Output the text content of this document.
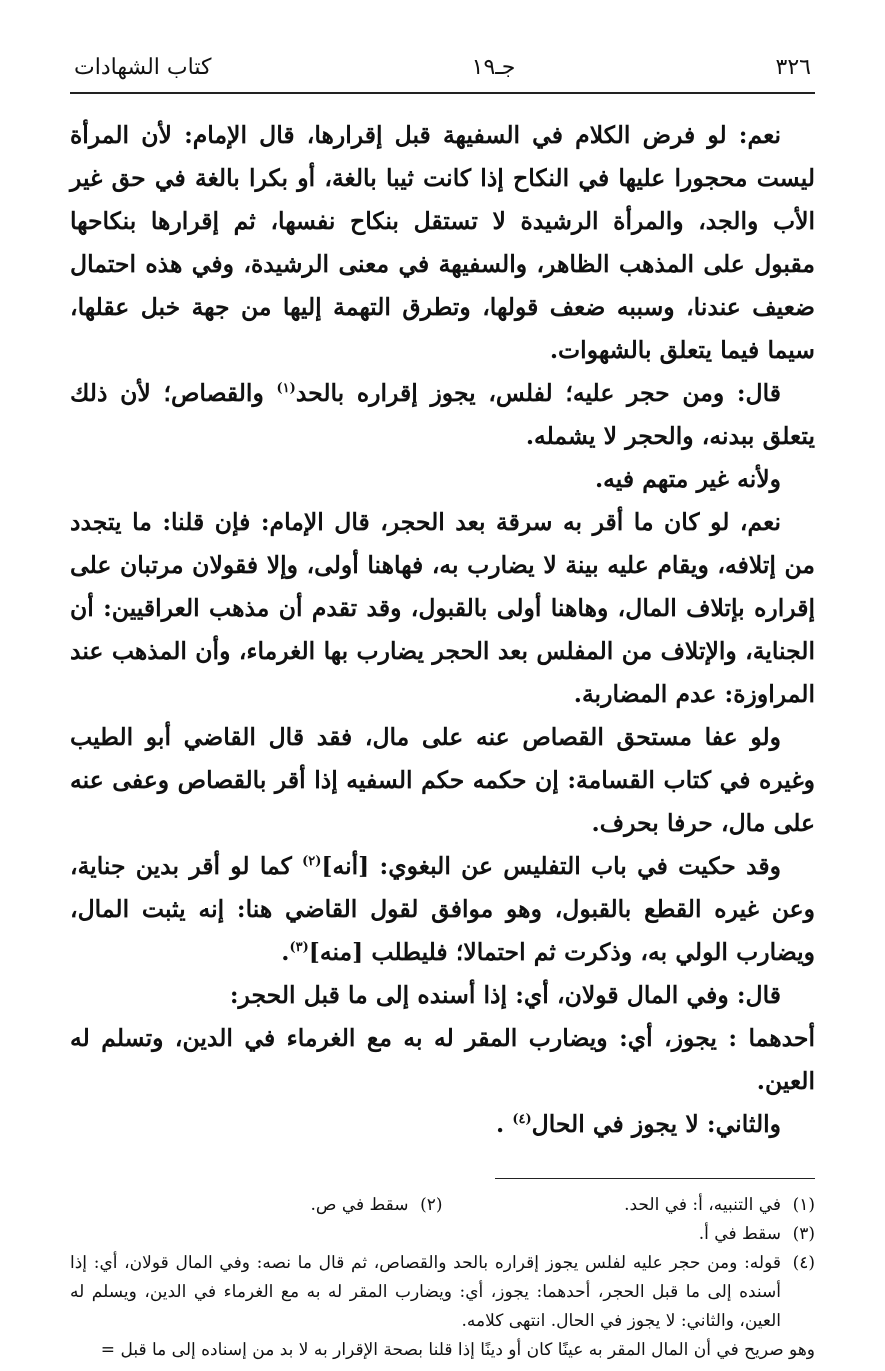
٣٢٦
جـ١٩
كتاب الشهادات

نعم: لو فرض الكلام في السفيهة قبل إقرارها، قال الإمام: لأن المرأة ليست محجورا عليها في النكاح إذا كانت ثيبا بالغة، أو بكرا بالغة في حق غير الأب والجد، والمرأة الرشيدة لا تستقل بنكاح نفسها، ثم إقرارها بنكاحها مقبول على المذهب الظاهر، والسفيهة في معنى الرشيدة، وفي هذه احتمال ضعيف عندنا، وسببه ضعف قولها، وتطرق التهمة إليها من جهة خبل عقلها، سيما فيما يتعلق بالشهوات.

قال: ومن حجر عليه؛ لفلس، يجوز إقراره بالحد$^{(١)}$ والقصاص؛ لأن ذلك يتعلق ببدنه، والحجر لا يشمله.

ولأنه غير متهم فيه.

نعم، لو كان ما أقر به سرقة بعد الحجر، قال الإمام: فإن قلنا: ما يتجدد من إتلافه، ويقام عليه بينة لا يضارب به، فهاهنا أولى، وإلا فقولان مرتبان على إقراره بإتلاف المال، وهاهنا أولى بالقبول، وقد تقدم أن مذهب العراقيين: أن الجناية، والإتلاف من المفلس بعد الحجر يضارب بها الغرماء، وأن المذهب عند المراوزة: عدم المضاربة.

ولو عفا مستحق القصاص عنه على مال، فقد قال القاضي أبو الطيب وغيره في كتاب القسامة: إن حكمه حكم السفيه إذا أقر بالقصاص وعفى عنه على مال، حرفا بحرف.

وقد حكيت في باب التفليس عن البغوي: [أنه]$^{(٢)}$ كما لو أقر بدين جناية، وعن غيره القطع بالقبول، وهو موافق لقول القاضي هنا: إنه يثبت المال، ويضارب الولي به، وذكرت ثم احتمالا؛ فليطلب [منه]$^{(٣)}$.

قال: وفي المال قولان، أي: إذا أسنده إلى ما قبل الحجر:

أحدهما : يجوز، أي: ويضارب المقر له به مع الغرماء في الدين، وتسلم له العين.

والثاني: لا يجوز في الحال$^{(٤)}$ .

(١)
في التنبيه، أ: في الحد.
(٢)
سقط في ص.
(٣)
سقط في أ.
(٤)
قوله: ومن حجر عليه لفلس يجوز إقراره بالحد والقصاص، ثم قال ما نصه: وفي المال قولان، أي: إذا أسنده إلى ما قبل الحجر، أحدهما: يجوز، أي: ويضارب المقر له به مع الغرماء في الدين، ويسلم له العين، والثاني: لا يجوز في الحال. انتهى كلامه.
وهو صريح في أن المال المقر به عينًا كان أو دينًا إذا قلنا بصحة الإقرار به لا بد من إسناده إلى ما قبل =
